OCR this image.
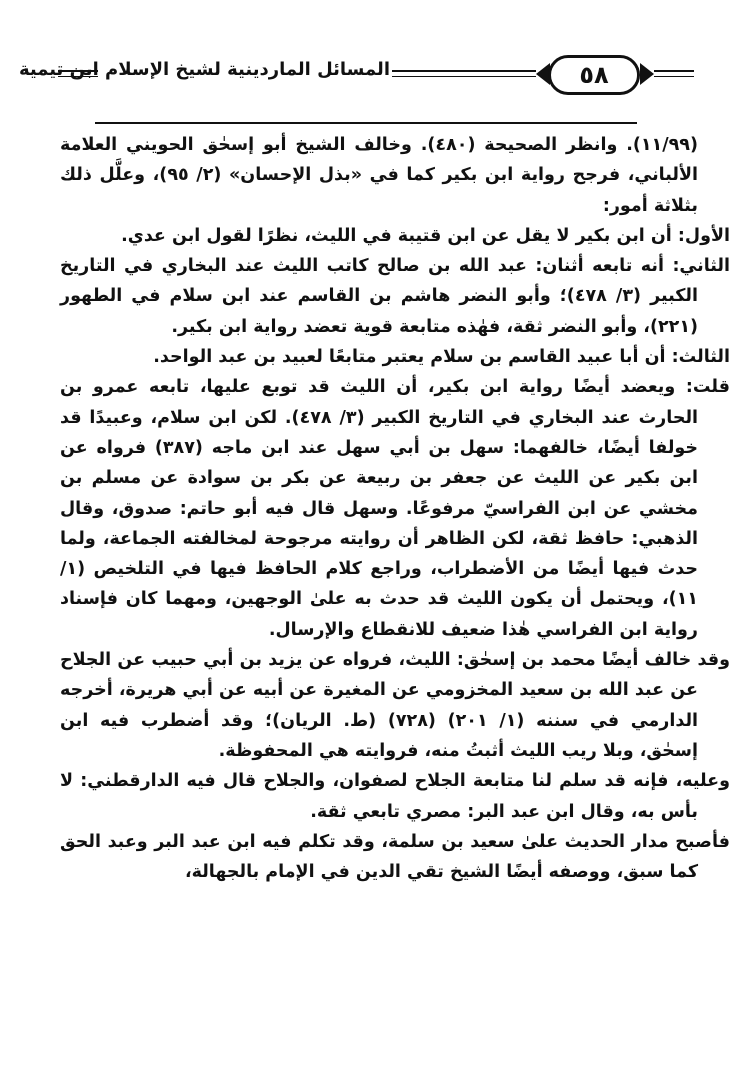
المسائل الماردينية لشيخ الإسلام ابن تيمية	٥٨

(١١/٩٩). وانظر الصحيحة (٤٨٠). وخالف الشيخ أبو إسحٰق الحويني العلامة الألباني، فرجح رواية ابن بكير كما في «بذل الإحسان» (٢/ ٩٥)، وعلَّل ذلك بثلاثة أمور:

الأول: أن ابن بكير لا يقل عن ابن قتيبة في الليث، نظرًا لقول ابن عدي.

الثاني: أنه تابعه أثنان: عبد الله بن صالح كاتب الليث عند البخاري في التاريخ الكبير (٣/ ٤٧٨)؛ وأبو النضر هاشم بن القاسم عند ابن سلام في الطهور (٢٢١)، وأبو النضر ثقة، فهٰذه متابعة قوية تعضد رواية ابن بكير.

الثالث: أن أبا عبيد القاسم بن سلام يعتبر متابعًا لعبيد بن عبد الواحد.

قلت: ويعضد أيضًا رواية ابن بكير، أن الليث قد توبع عليها، تابعه عمرو بن الحارث عند البخاري في التاريخ الكبير (٣/ ٤٧٨). لكن ابن سلام، وعبيدًا قد خولفا أيضًا، خالفهما: سهل بن أبي سهل عند ابن ماجه (٣٨٧) فرواه عن ابن بكير عن الليث عن جعفر بن ربيعة عن بكر بن سوادة عن مسلم بن مخشي عن ابن الفراسيّ مرفوعًا. وسهل قال فيه أبو حاتم: صدوق، وقال الذهبي: حافظ ثقة، لكن الظاهر أن روايته مرجوحة لمخالفته الجماعة، ولما حدث فيها أيضًا من الأضطراب، وراجع كلام الحافظ فيها في التلخيص (١/ ١١)، ويحتمل أن يكون الليث قد حدث به علىٰ الوجهين، ومهما كان فإسناد رواية ابن الفراسي هٰذا ضعيف للانقطاع والإرسال.

وقد خالف أيضًا محمد بن إسحٰق: الليث، فرواه عن يزيد بن أبي حبيب عن الجلاح عن عبد الله بن سعيد المخزومي عن المغيرة عن أبيه عن أبي هريرة، أخرجه الدارمي في سننه (١/ ٢٠١) (٧٢٨) (ط. الريان)؛ وقد أضطرب فيه ابن إسحٰق، وبلا ريب الليث أثبتُ منه، فروايته هي المحفوظة.

وعليه، فإنه قد سلم لنا متابعة الجلاح لصفوان، والجلاح قال فيه الدارقطني: لا بأس به، وقال ابن عبد البر: مصري تابعي ثقة.

فأصبح مدار الحديث علىٰ سعيد بن سلمة، وقد تكلم فيه ابن عبد البر وعبد الحق كما سبق، ووصفه أيضًا الشيخ تقي الدين في الإمام بالجهالة،
